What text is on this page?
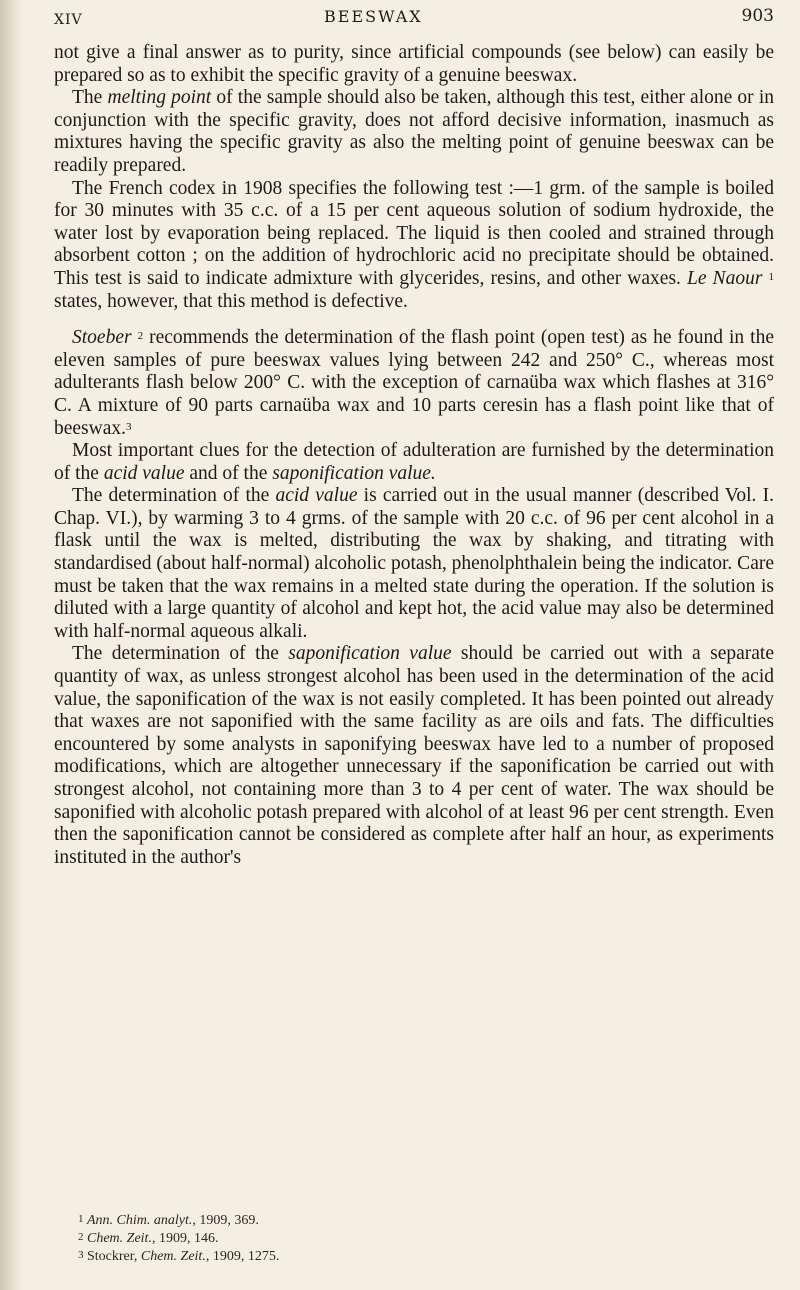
XIV	BEESWAX	903

not give a final answer as to purity, since artificial compounds (see below) can easily be prepared so as to exhibit the specific gravity of a genuine beeswax.

The melting point of the sample should also be taken, although this test, either alone or in conjunction with the specific gravity, does not afford decisive information, inasmuch as mixtures having the specific gravity as also the melting point of genuine beeswax can be readily prepared.

The French codex in 1908 specifies the following test :—1 grm. of the sample is boiled for 30 minutes with 35 c.c. of a 15 per cent aqueous solution of sodium hydroxide, the water lost by evaporation being replaced. The liquid is then cooled and strained through absorbent cotton ; on the addition of hydrochloric acid no precipitate should be obtained. This test is said to indicate admixture with glycerides, resins, and other waxes. Le Naour $^1$ states, however, that this method is defective.

Stoeber $^2$ recommends the determination of the flash point (open test) as he found in the eleven samples of pure beeswax values lying between 242 and 250° C., whereas most adulterants flash below 200° C. with the exception of carnaüba wax which flashes at 316° C. A mixture of 90 parts carnaüba wax and 10 parts ceresin has a flash point like that of beeswax.$^3$

Most important clues for the detection of adulteration are furnished by the determination of the acid value and of the saponification value.

The determination of the acid value is carried out in the usual manner (described Vol. I. Chap. VI.), by warming 3 to 4 grms. of the sample with 20 c.c. of 96 per cent alcohol in a flask until the wax is melted, distributing the wax by shaking, and titrating with standardised (about half-normal) alcoholic potash, phenolphthalein being the indicator. Care must be taken that the wax remains in a melted state during the operation. If the solution is diluted with a large quantity of alcohol and kept hot, the acid value may also be determined with half-normal aqueous alkali.

The determination of the saponification value should be carried out with a separate quantity of wax, as unless strongest alcohol has been used in the determination of the acid value, the saponification of the wax is not easily completed. It has been pointed out already that waxes are not saponified with the same facility as are oils and fats. The difficulties encountered by some analysts in saponifying beeswax have led to a number of proposed modifications, which are altogether unnecessary if the saponification be carried out with strongest alcohol, not containing more than 3 to 4 per cent of water. The wax should be saponified with alcoholic potash prepared with alcohol of at least 96 per cent strength. Even then the saponification cannot be considered as complete after half an hour, as experiments instituted in the author's

$^1$ Ann. Chim. analyt., 1909, 369.
$^2$ Chem. Zeit., 1909, 146.
$^3$ Stockrer, Chem. Zeit., 1909, 1275.
